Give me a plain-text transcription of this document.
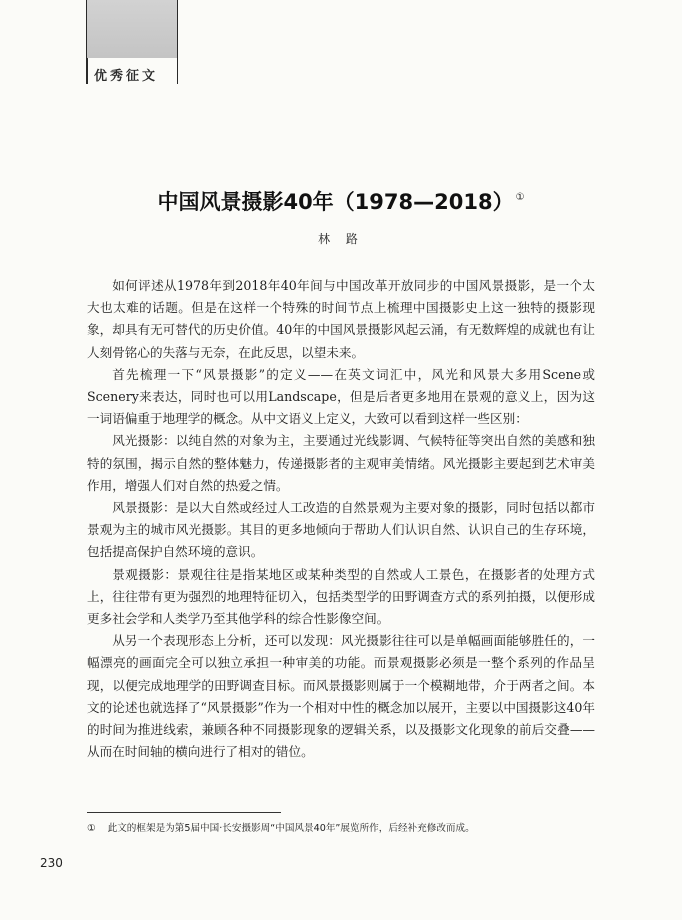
优秀征文
中国风景摄影40年（1978—2018） ①
林 路

如何评述从1978年到2018年40年间与中国改革开放同步的中国风景摄影，是一个太大也太难的话题。但是在这样一个特殊的时间节点上梳理中国摄影史上这一独特的摄影现象，却具有无可替代的历史价值。40年的中国风景摄影风起云涌，有无数辉煌的成就也有让人刻骨铭心的失落与无奈，在此反思，以望未来。

首先梳理一下“风景摄影”的定义——在英文词汇中，风光和风景大多用Scene或Scenery来表达，同时也可以用Landscape，但是后者更多地用在景观的意义上，因为这一词语偏重于地理学的概念。从中文语义上定义，大致可以看到这样一些区别：

风光摄影：以纯自然的对象为主，主要通过光线影调、气候特征等突出自然的美感和独特的氛围，揭示自然的整体魅力，传递摄影者的主观审美情绪。风光摄影主要起到艺术审美作用，增强人们对自然的热爱之情。

风景摄影：是以大自然或经过人工改造的自然景观为主要对象的摄影，同时包括以都市景观为主的城市风光摄影。其目的更多地倾向于帮助人们认识自然、认识自己的生存环境，包括提高保护自然环境的意识。

景观摄影：景观往往是指某地区或某种类型的自然或人工景色，在摄影者的处理方式上，往往带有更为强烈的地理特征切入，包括类型学的田野调查方式的系列拍摄，以便形成更多社会学和人类学乃至其他学科的综合性影像空间。

从另一个表现形态上分析，还可以发现：风光摄影往往可以是单幅画面能够胜任的，一幅漂亮的画面完全可以独立承担一种审美的功能。而景观摄影必须是一整个系列的作品呈现，以便完成地理学的田野调查目标。而风景摄影则属于一个模糊地带，介于两者之间。本文的论述也就选择了“风景摄影”作为一个相对中性的概念加以展开，主要以中国摄影这40年的时间为推进线索，兼顾各种不同摄影现象的逻辑关系，以及摄影文化现象的前后交叠——从而在时间轴的横向进行了相对的错位。

① 此文的框架是为第5届中国·长安摄影周“中国风景40年”展览所作，后经补充修改而成。
230
